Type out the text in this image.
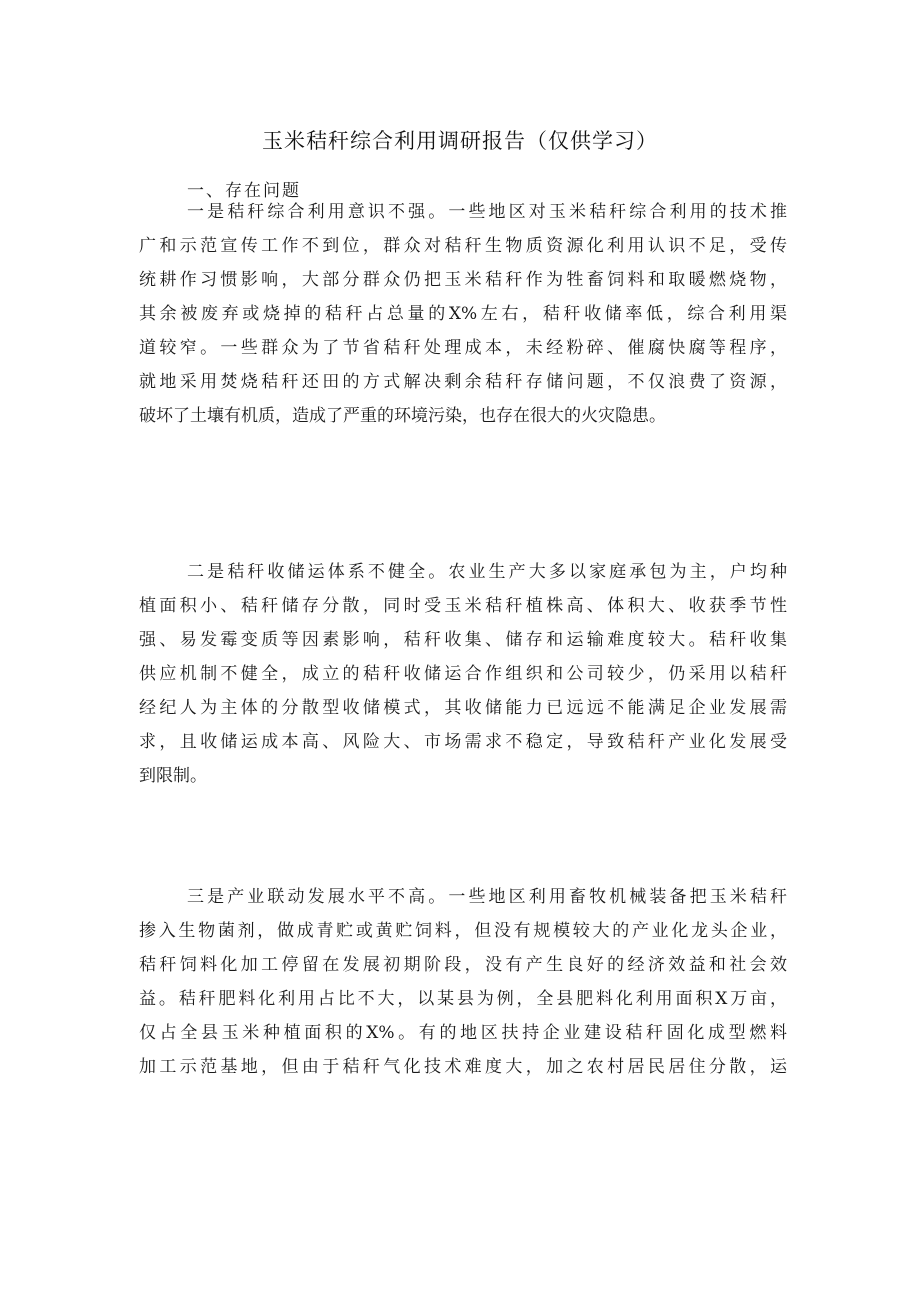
玉米秸秆综合利用调研报告（仅供学习）
一、存在问题
一是秸秆综合利用意识不强。一些地区对玉米秸秆综合利用的技术推
广和示范宣传工作不到位，群众对秸秆生物质资源化利用认识不足，受传
统耕作习惯影响，大部分群众仍把玉米秸秆作为牲畜饲料和取暖燃烧物，
其余被废弃或烧掉的秸秆占总量的X%左右，秸秆收储率低，综合利用渠
道较窄。一些群众为了节省秸秆处理成本，未经粉碎、催腐快腐等程序，
就地采用焚烧秸秆还田的方式解决剩余秸秆存储问题，不仅浪费了资源，
破坏了土壤有机质，造成了严重的环境污染，也存在很大的火灾隐患。
二是秸秆收储运体系不健全。农业生产大多以家庭承包为主，户均种
植面积小、秸秆储存分散，同时受玉米秸秆植株高、体积大、收获季节性
强、易发霉变质等因素影响，秸秆收集、储存和运输难度较大。秸秆收集
供应机制不健全，成立的秸秆收储运合作组织和公司较少，仍采用以秸秆
经纪人为主体的分散型收储模式，其收储能力已远远不能满足企业发展需
求，且收储运成本高、风险大、市场需求不稳定，导致秸秆产业化发展受
到限制。
三是产业联动发展水平不高。一些地区利用畜牧机械装备把玉米秸秆
掺入生物菌剂，做成青贮或黄贮饲料，但没有规模较大的产业化龙头企业，
秸秆饲料化加工停留在发展初期阶段，没有产生良好的经济效益和社会效
益。秸秆肥料化利用占比不大，以某县为例，全县肥料化利用面积X万亩，
仅占全县玉米种植面积的X%。有的地区扶持企业建设秸秆固化成型燃料
加工示范基地，但由于秸秆气化技术难度大，加之农村居民居住分散，运
